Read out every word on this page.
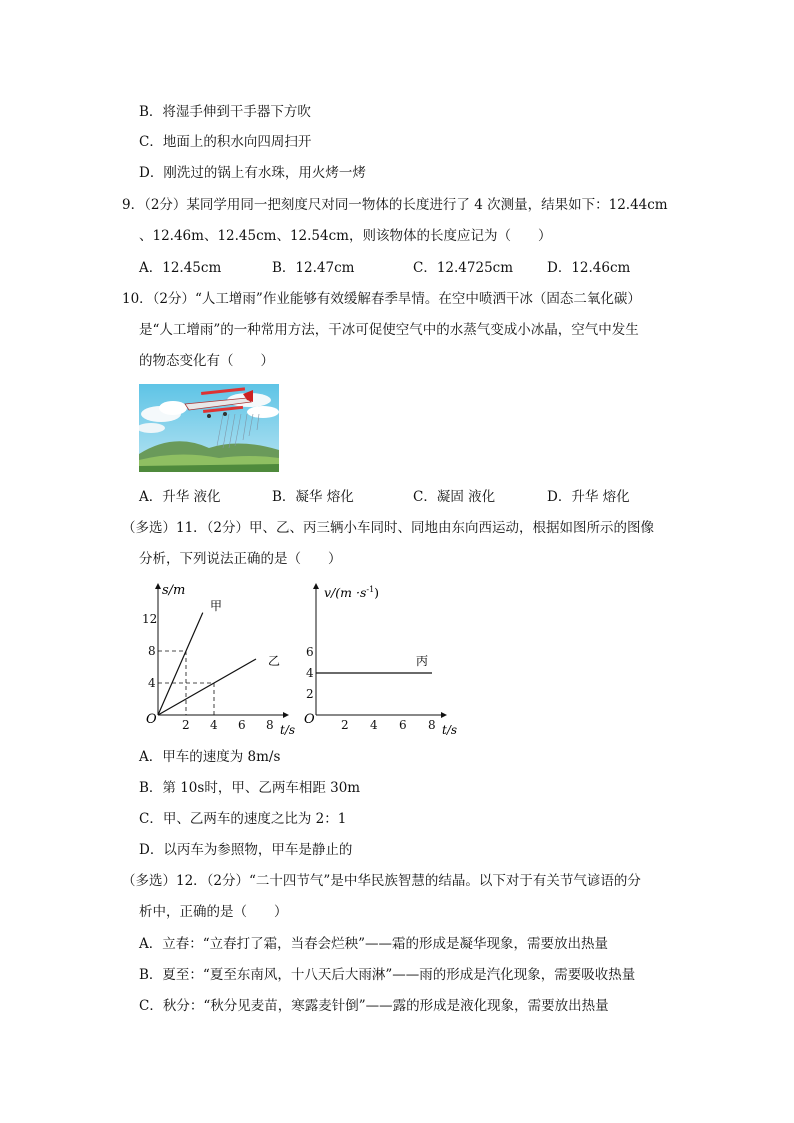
B．将湿手伸到干手器下方吹
C．地面上的积水向四周扫开
D．刚洗过的锅上有水珠，用火烤一烤
9．（2分）某同学用同一把刻度尺对同一物体的长度进行了 4 次测量，结果如下：12.44cm
、12.46m、12.45cm、12.54cm，则该物体的长度应记为（　　）
A．12.45cm	B．12.47cm	C．12.4725cm	D．12.46cm
10．（2分）“人工增雨”作业能够有效缓解春季旱情。在空中喷洒干冰（固态二氧化碳）
是“人工增雨”的一种常用方法，干冰可促使空气中的水蒸气变成小冰晶，空气中发生
的物态变化有（　　）
A．升华 液化	B．凝华 熔化	C．凝固 液化	D．升华 熔化
（多选）11．（2分）甲、乙、丙三辆小车同时、同地由东向西运动，根据如图所示的图像
分析，下列说法正确的是（　　）
2 4 6 8
4
8
12
O
s/m
t/s
甲
乙
2 4 6 8
2
4
6
O
$v/(m \cdot s^{-1})$
t/s
丙
A．甲车的速度为 8m/s
B．第 10s时，甲、乙两车相距 30m
C．甲、乙两车的速度之比为 2：1
D．以丙车为参照物，甲车是静止的
（多选）12．（2分）“二十四节气”是中华民族智慧的结晶。以下对于有关节气谚语的分
析中，正确的是（　　）
A．立春：“立春打了霜，当春会烂秧”——霜的形成是凝华现象，需要放出热量
B．夏至：“夏至东南风，十八天后大雨淋”——雨的形成是汽化现象，需要吸收热量
C．秋分：“秋分见麦苗，寒露麦针倒”——露的形成是液化现象，需要放出热量
